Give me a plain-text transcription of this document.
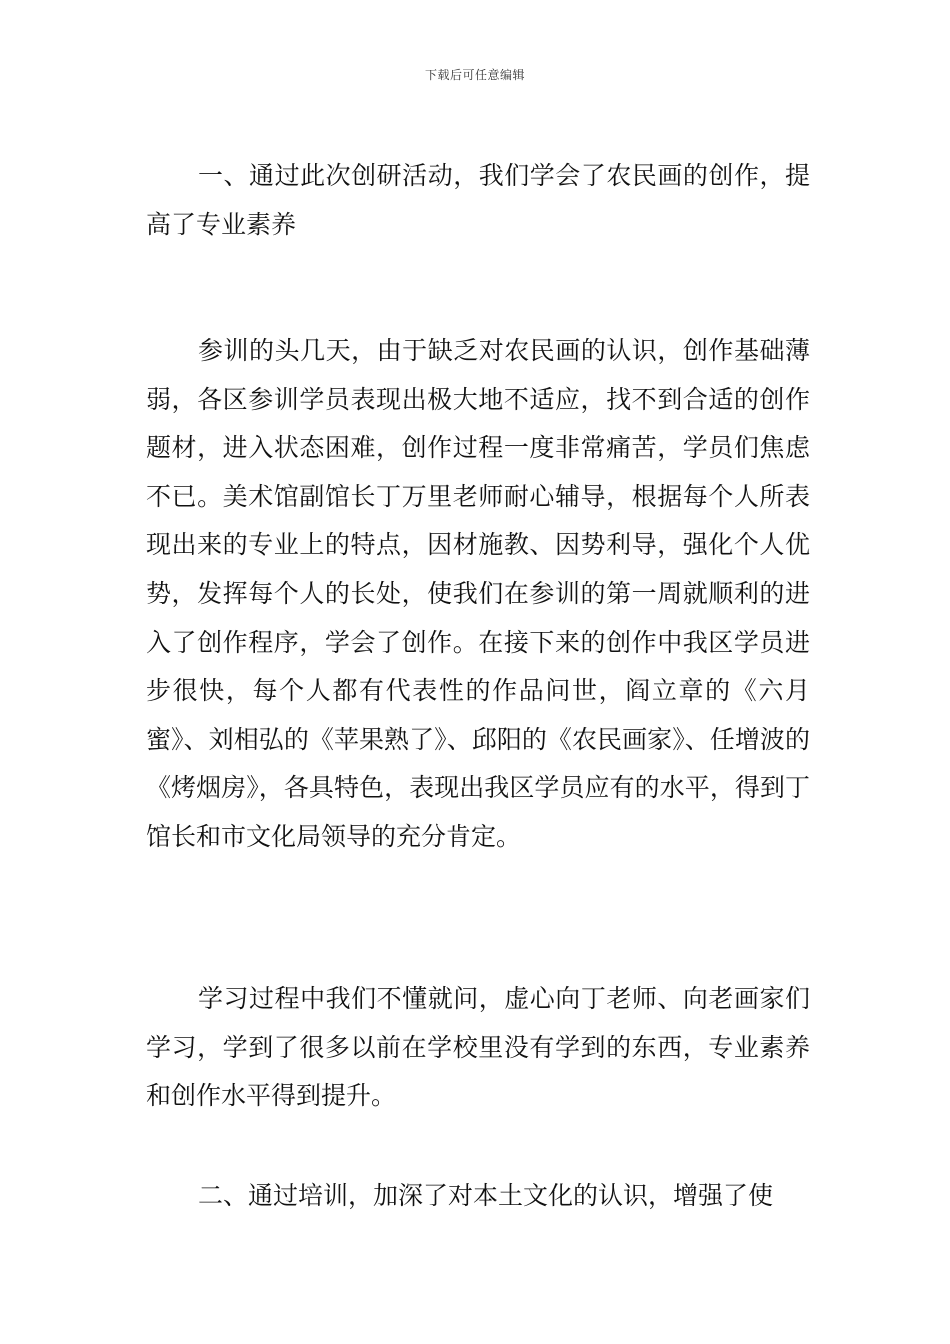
下载后可任意编辑

一、通过此次创研活动，我们学会了农民画的创作，提高了专业素养

参训的头几天，由于缺乏对农民画的认识，创作基础薄弱，各区参训学员表现出极大地不适应，找不到合适的创作题材，进入状态困难，创作过程一度非常痛苦，学员们焦虑不已。美术馆副馆长丁万里老师耐心辅导，根据每个人所表现出来的专业上的特点，因材施教、因势利导，强化个人优势，发挥每个人的长处，使我们在参训的第一周就顺利的进入了创作程序，学会了创作。在接下来的创作中我区学员进步很快，每个人都有代表性的作品问世，阎立章的《六月蜜》、刘相弘的《苹果熟了》、邱阳的《农民画家》、任增波的《烤烟房》，各具特色，表现出我区学员应有的水平，得到丁馆长和市文化局领导的充分肯定。

学习过程中我们不懂就问，虚心向丁老师、向老画家们学习，学到了很多以前在学校里没有学到的东西，专业素养和创作水平得到提升。

二、通过培训，加深了对本土文化的认识，增强了使
